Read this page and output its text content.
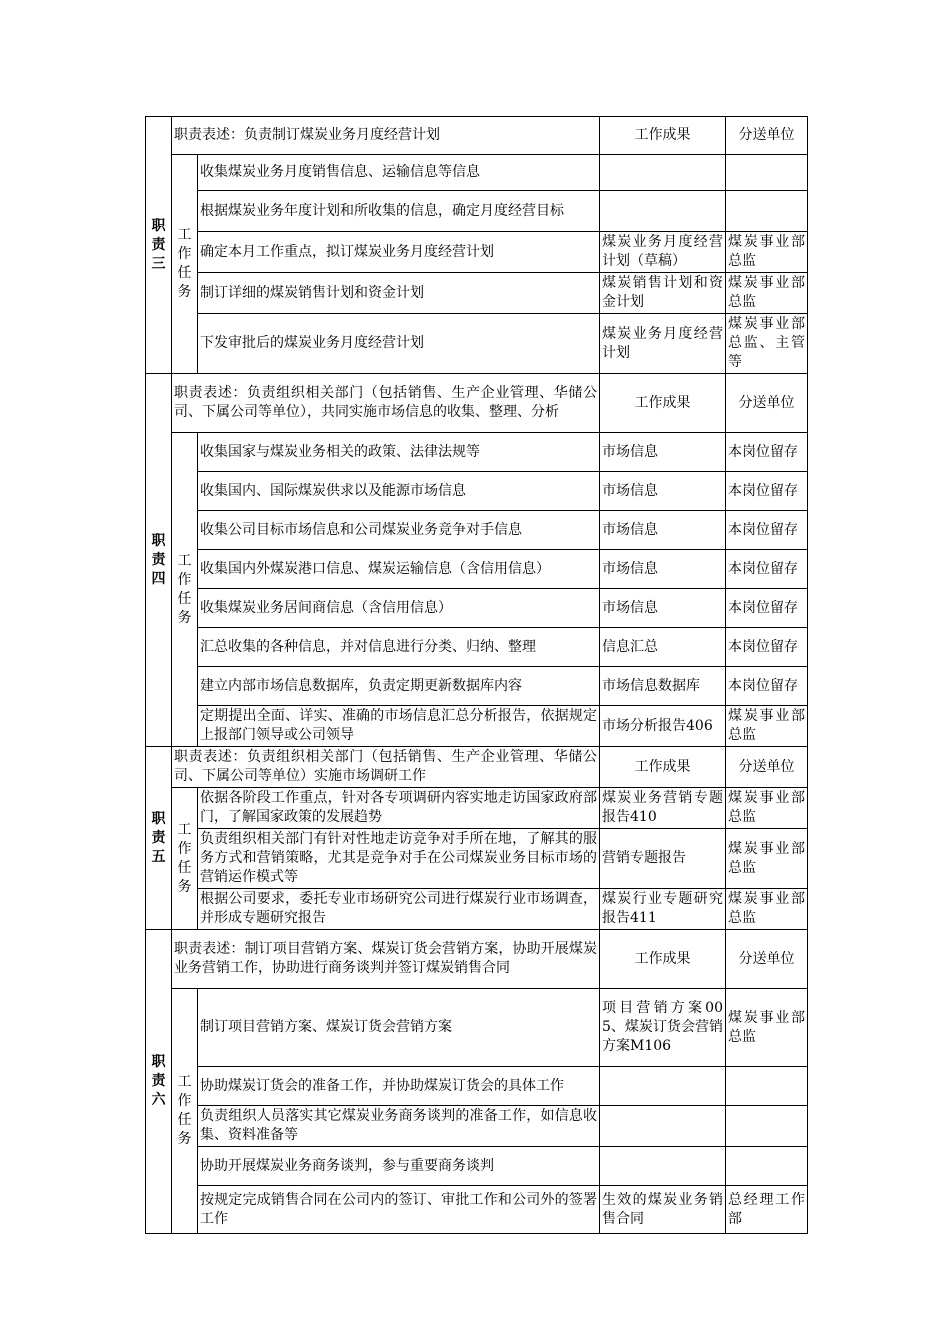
职
责
三	职责表述：负责制订煤炭业务月度经营计划		工作成果	分送单位

	工
作
任
务	收集煤炭业务月度销售信息、运输信息等信息		
		根据煤炭业务年度计划和所收集的信息，确定月度经营目标		
		确定本月工作重点，拟订煤炭业务月度经营计划	煤炭业务月度经营计划（草稿）	煤炭事业部总监
		制订详细的煤炭销售计划和资金计划	煤炭销售计划和资金计划	煤炭事业部总监
		下发审批后的煤炭业务月度经营计划	煤炭业务月度经营计划	煤炭事业部总监、主管等

职
责
四	职责表述：负责组织相关部门（包括销售、生产企业管理、华储公司、下属公司等单位），共同实施市场信息的收集、整理、分析		工作成果	分送单位

	工
作
任
务	收集国家与煤炭业务相关的政策、法律法规等	市场信息	本岗位留存
		收集国内、国际煤炭供求以及能源市场信息	市场信息	本岗位留存
		收集公司目标市场信息和公司煤炭业务竞争对手信息	市场信息	本岗位留存
		收集国内外煤炭港口信息、煤炭运输信息（含信用信息）	市场信息	本岗位留存
		收集煤炭业务居间商信息（含信用信息）	市场信息	本岗位留存
		汇总收集的各种信息，并对信息进行分类、归纳、整理	信息汇总	本岗位留存
		建立内部市场信息数据库，负责定期更新数据库内容	市场信息数据库	本岗位留存
		定期提出全面、详实、准确的市场信息汇总分析报告，依据规定上报部门领导或公司领导	市场分析报告406	煤炭事业部总监

职
责
五	职责表述：负责组织相关部门（包括销售、生产企业管理、华储公司、下属公司等单位）实施市场调研工作		工作成果	分送单位

	工
作
任
务	依据各阶段工作重点，针对各专项调研内容实地走访国家政府部门，了解国家政策的发展趋势	煤炭业务营销专题报告410	煤炭事业部总监
		负责组织相关部门有针对性地走访竞争对手所在地，了解其的服务方式和营销策略，尤其是竞争对手在公司煤炭业务目标市场的营销运作模式等	营销专题报告	煤炭事业部总监
		根据公司要求，委托专业市场研究公司进行煤炭行业市场调查，并形成专题研究报告	煤炭行业专题研究报告411	煤炭事业部总监

职
责
六	职责表述：制订项目营销方案、煤炭订货会营销方案，协助开展煤炭业务营销工作，协助进行商务谈判并签订煤炭销售合同		工作成果	分送单位

	工
作
任
务	制订项目营销方案、煤炭订货会营销方案	项目营销方案005、煤炭订货会营销方案M106	煤炭事业部总监
		协助煤炭订货会的准备工作，并协助煤炭订货会的具体工作		
		负责组织人员落实其它煤炭业务商务谈判的准备工作，如信息收集、资料准备等		
		协助开展煤炭业务商务谈判，参与重要商务谈判		
		按规定完成销售合同在公司内的签订、审批工作和公司外的签署工作	生效的煤炭业务销售合同	总经理工作部
